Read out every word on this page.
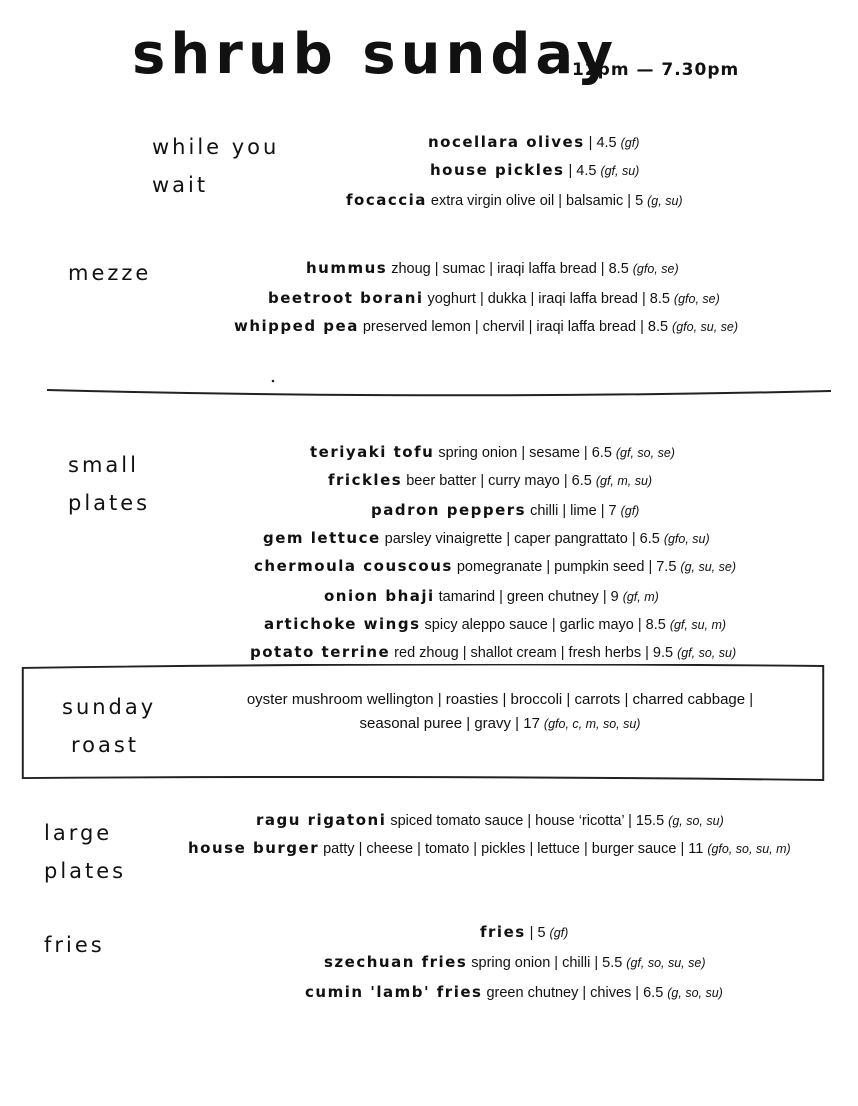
shrub sunday
12pm — 7.30pm
while you
wait
nocellara olives | 4.5 (gf)
house pickles | 4.5 (gf, su)
focaccia extra virgin olive oil | balsamic | 5 (g, su)
mezze	hummus zhoug | sumac | iraqi laffa bread | 8.5 (gfo, se)
beetroot borani yoghurt | dukka | iraqi laffa bread | 8.5 (gfo, se)
whipped pea preserved lemon | chervil | iraqi laffa bread | 8.5 (gfo, su, se)
small
plates
teriyaki tofu spring onion | sesame | 6.5 (gf, so, se)
frickles beer batter | curry mayo | 6.5 (gf, m, su)
padron peppers chilli | lime | 7 (gf)
gem lettuce parsley vinaigrette | caper pangrattato | 6.5 (gfo, su)
chermoula couscous pomegranate | pumpkin seed | 7.5 (g, su, se)
onion bhaji tamarind | green chutney | 9 (gf, m)
artichoke wings spicy aleppo sauce | garlic mayo | 8.5 (gf, su, m)
potato terrine red zhoug | shallot cream | fresh herbs | 9.5 (gf, so, su)
sunday
roast
oyster mushroom wellington | roasties | broccoli | carrots | charred cabbage |
seasonal puree | gravy | 17 (gfo, c, m, so, su)
large
plates
ragu rigatoni spiced tomato sauce | house ‘ricotta’ | 15.5 (g, so, su)
house burger patty | cheese | tomato | pickles | lettuce | burger sauce | 11 (gfo, so, su, m)
fries
fries | 5 (gf)
szechuan fries spring onion | chilli | 5.5 (gf, so, su, se)
cumin 'lamb' fries green chutney | chives | 6.5 (g, so, su)
